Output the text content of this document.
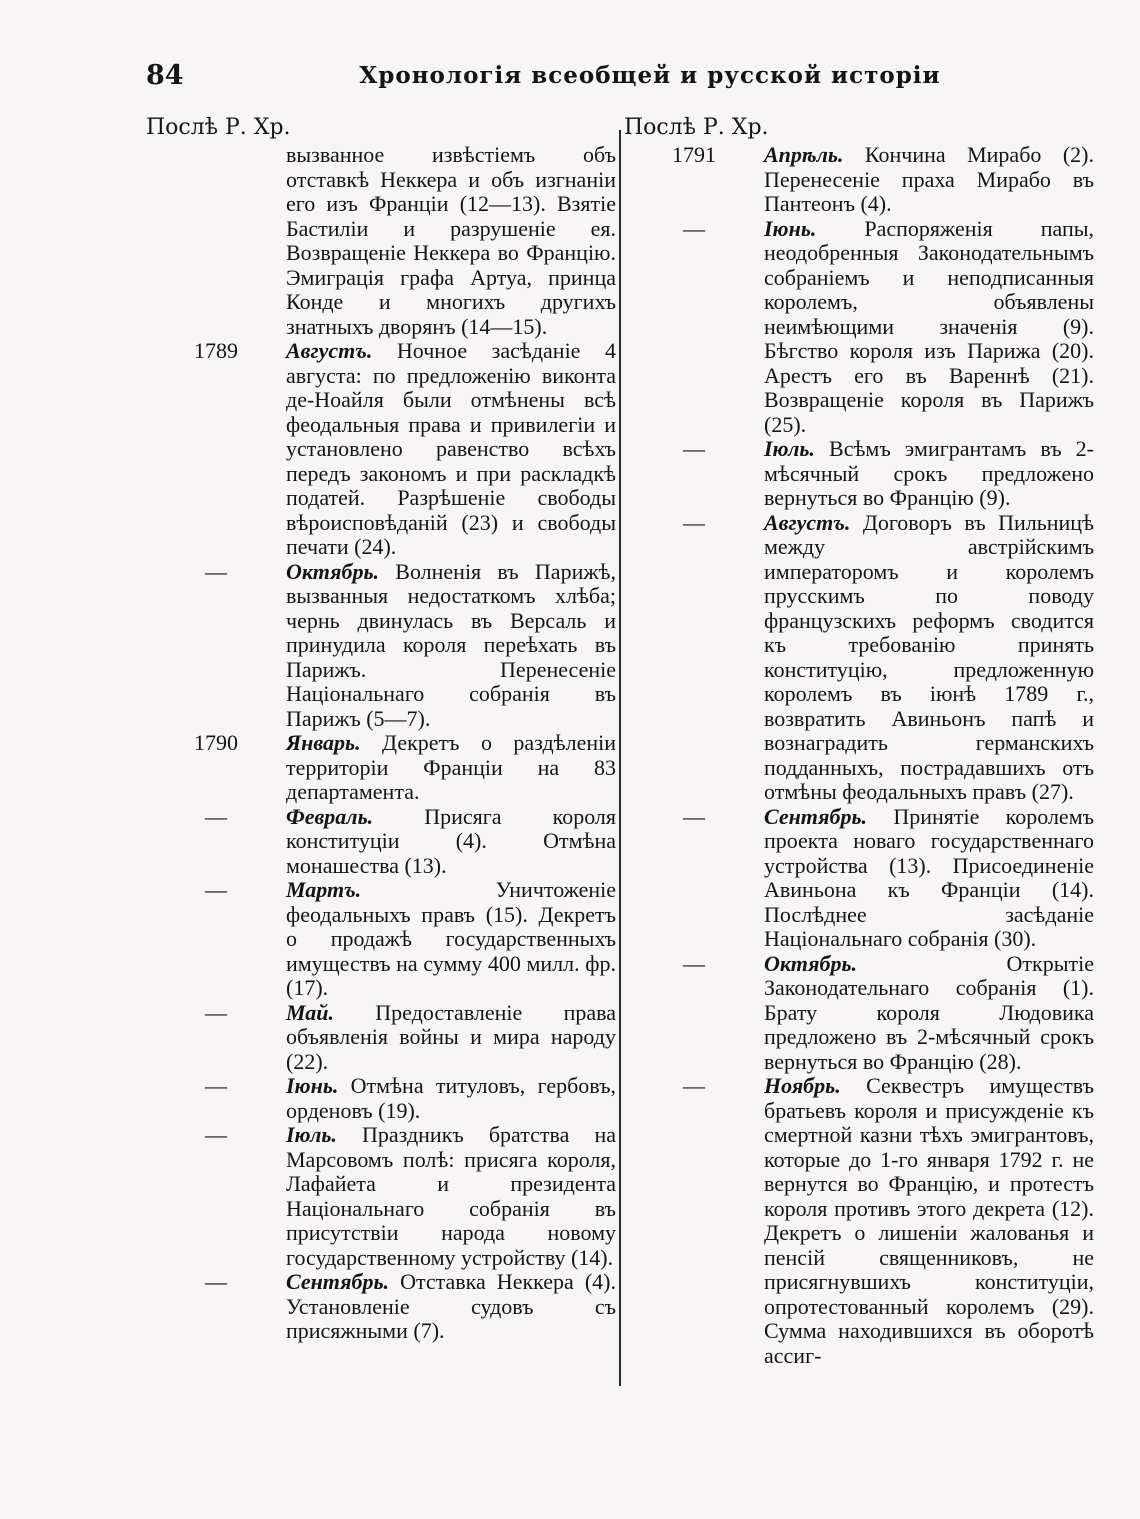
84	Хронологія всеобщей и русской исторіи
Послѣ Р. Хр.

вызванное извѣстіемъ объ отставкѣ Неккера и объ изгнаніи его изъ Франціи (12—13). Взятіе Бастиліи и разрушеніе ея. Возвращеніе Неккера во Францію. Эмиграція графа Артуа, принца Конде и многихъ другихъ знатныхъ дворянъ (14—15).

1789	Августъ. Ночное засѣданіе 4 августа: по предложенію виконта де-Ноайля были отмѣнены всѣ феодальныя права и привилегіи и установлено равенство всѣхъ передъ закономъ и при раскладкѣ податей. Разрѣшеніе свободы вѣроисповѣданій (23) и свободы печати (24).

—	Октябрь. Волненія въ Парижѣ, вызванныя недостаткомъ хлѣба; чернь двинулась въ Версаль и принудила короля переѣхать въ Парижъ. Перенесеніе Національнаго собранія въ Парижъ (5—7).

1790	Январь. Декретъ о раздѣленіи территоріи Франціи на 83 департамента.

—	Февраль. Присяга короля конституціи (4). Отмѣна монашества (13).

—	Мартъ.	Уничтоженіе феодальныхъ правъ (15). Декретъ о продажѣ государственныхъ имуществъ на сумму 400 милл. фр. (17).

—	Май. Предоставленіе права объявленія войны и мира народу (22).

—	Іюнь. Отмѣна титуловъ, гербовъ, орденовъ (19).

—	Іюль. Праздникъ братства на Марсовомъ полѣ: присяга короля, Лафайета и президента Національнаго собранія въ присутствіи народа новому государственному устройству (14).

—	Сентябрь. Отставка Неккера (4). Установленіе судовъ съ присяжными (7).

Послѣ Р. Хр.
1791	Апрѣль. Кончина Мирабо (2). Перенесеніе праха Мирабо въ Пантеонъ (4).

—	Іюнь. Распоряженія папы, неодобренныя Законодательнымъ собраніемъ и неподписанныя королемъ, объявлены неимѣющими значенія (9). Бѣгство короля изъ Парижа (20). Арестъ его въ Вареннѣ (21). Возвращеніе короля въ Парижъ (25).

—	Іюль. Всѣмъ эмигрантамъ въ 2-мѣсячный срокъ предложено вернуться во Францію (9).

—	Августъ. Договоръ въ Пильницѣ между австрійскимъ императоромъ и королемъ прусскимъ по поводу французскихъ реформъ сводится къ требованію принять конституцію, предложенную королемъ въ іюнѣ 1789 г., возвратить Авиньонъ папѣ и вознаградить германскихъ подданныхъ, пострадавшихъ отъ отмѣны феодальныхъ правъ (27).

—	Сентябрь. Принятіе королемъ проекта новаго государственнаго устройства (13). Присоединеніе Авиньона къ Франціи (14). Послѣднее засѣданіе Національнаго собранія (30).

—	Октябрь.	Открытіе Законодательнаго собранія (1). Брату короля Людовика предложено въ 2-мѣсячный срокъ вернуться во Францію (28).

—	Ноябрь. Секвестръ имуществъ братьевъ короля и присужденіе къ смертной казни тѣхъ эмигрантовъ, которые до 1-го января 1792 г. не вернутся во Францію, и протестъ короля противъ этого декрета (12). Декретъ о лишеніи жалованья и пенсій священниковъ, не присягнувшихъ конституціи, опротестованный королемъ (29). Сумма находившихся въ оборотѣ ассиг-
